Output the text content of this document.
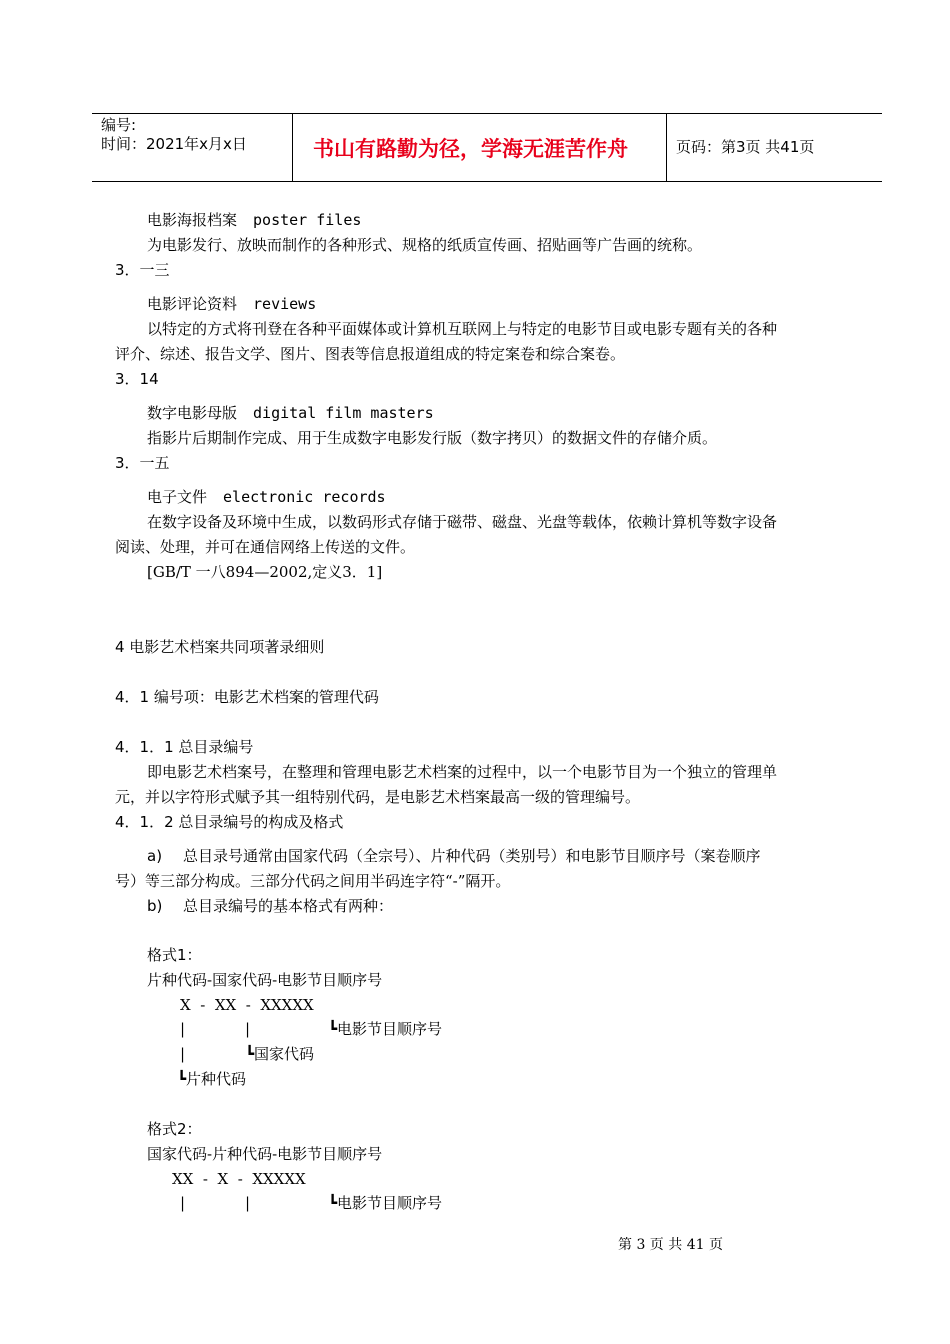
编号:
时间：2021年x月x日	书山有路勤为径，学海无涯苦作舟	页码：第3页 共41页
电影海报档案 poster files
为电影发行、放映而制作的各种形式、规格的纸质宣传画、招贴画等广告画的统称。
3．一三
电影评论资料 reviews
以特定的方式将刊登在各种平面媒体或计算机互联网上与特定的电影节目或电影专题有关的各种
评介、综述、报告文学、图片、图表等信息报道组成的特定案卷和综合案卷。
3．14
数字电影母版 digital film masters
指影片后期制作完成、用于生成数字电影发行版（数字拷贝）的数据文件的存储介质。
3．一五
电子文件 electronic records
在数字设备及环境中生成，以数码形式存储于磁带、磁盘、光盘等载体，依赖计算机等数字设备
阅读、处理，并可在通信网络上传送的文件。
[GB/T 一八894—2002,定义3．1]
4 电影艺术档案共同项著录细则
4．1 编号项：电影艺术档案的管理代码
4．1．1 总目录编号
即电影艺术档案号，在整理和管理电影艺术档案的过程中，以一个电影节目为一个独立的管理单
元，并以字符形式赋予其一组特别代码，是电影艺术档案最高一级的管理编号。
4．1．2 总目录编号的构成及格式
a) 总目录号通常由国家代码（全宗号）、片种代码（类别号）和电影节目顺序号（案卷顺序
号）等三部分构成。三部分代码之间用半码连字符“-”隔开。
b) 总目录编号的基本格式有两种：
格式1：
片种代码-国家代码-电影节目顺序号
X  -  XX  -  XXXXX
|	|	┗电影节目顺序号
|	┗国家代码
┗片种代码
格式2：
国家代码-片种代码-电影节目顺序号
XX  -  X  -  XXXXX
|	|	┗电影节目顺序号
第 3 页 共 41 页
